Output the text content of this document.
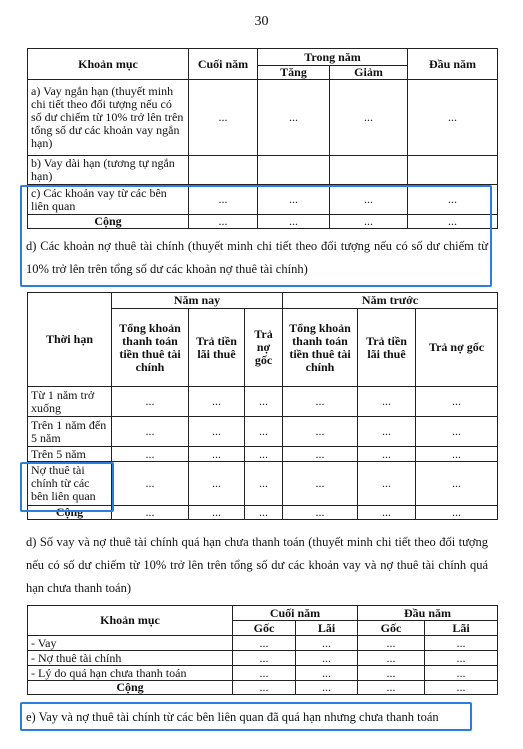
30
Khoản mục	Cuối năm	Trong năm		Đầu năm
		Tăng	Giảm	
a) Vay ngắn hạn (thuyết minh chi tiết theo đối tượng nếu có số dư chiếm từ 10% trở lên trên tổng số dư các khoản vay ngắn hạn)	...	...	...	...
b) Vay dài hạn (tương tự ngắn hạn)				
c) Các khoản vay từ các bên liên quan	...	...	...	...
Cộng	...	...	...	...
d) Các khoản nợ thuê tài chính (thuyết minh chi tiết theo đối tượng nếu có số dư chiếm từ 10% trở lên trên tổng số dư các khoản nợ thuê tài chính)
Thời hạn	Năm nay			Năm trước		
	Tổng khoản thanh toán tiền thuê tài chính	Trả tiền lãi thuê	Trả nợ gốc	Tổng khoản thanh toán tiền thuê tài chính	Trả tiền lãi thuê	Trả nợ gốc
Từ 1 năm trở xuống	...	...	...	...	...	...
Trên 1 năm đến 5 năm	...	...	...	...	...	...
Trên 5 năm	...	...	...	...	...	...
Nợ thuê tài chính từ các bên liên quan	...	...	...	...	...	...
Cộng	...	...	...	...	...	...
d) Số vay và nợ thuê tài chính quá hạn chưa thanh toán (thuyết minh chi tiết theo đối tượng nếu có số dư chiếm từ 10% trở lên trên tổng số dư các khoản vay và nợ thuê tài chính quá hạn chưa thanh toán)
Khoản mục	Cuối năm		Đầu năm	
	Gốc	Lãi	Gốc	Lãi
- Vay	...	...	...	...
- Nợ thuê tài chính	...	...	...	...
- Lý do quá hạn chưa thanh toán	...	...	...	...
Cộng	...	...	...	...
e) Vay và nợ thuê tài chính từ các bên liên quan đã quá hạn nhưng chưa thanh toán
